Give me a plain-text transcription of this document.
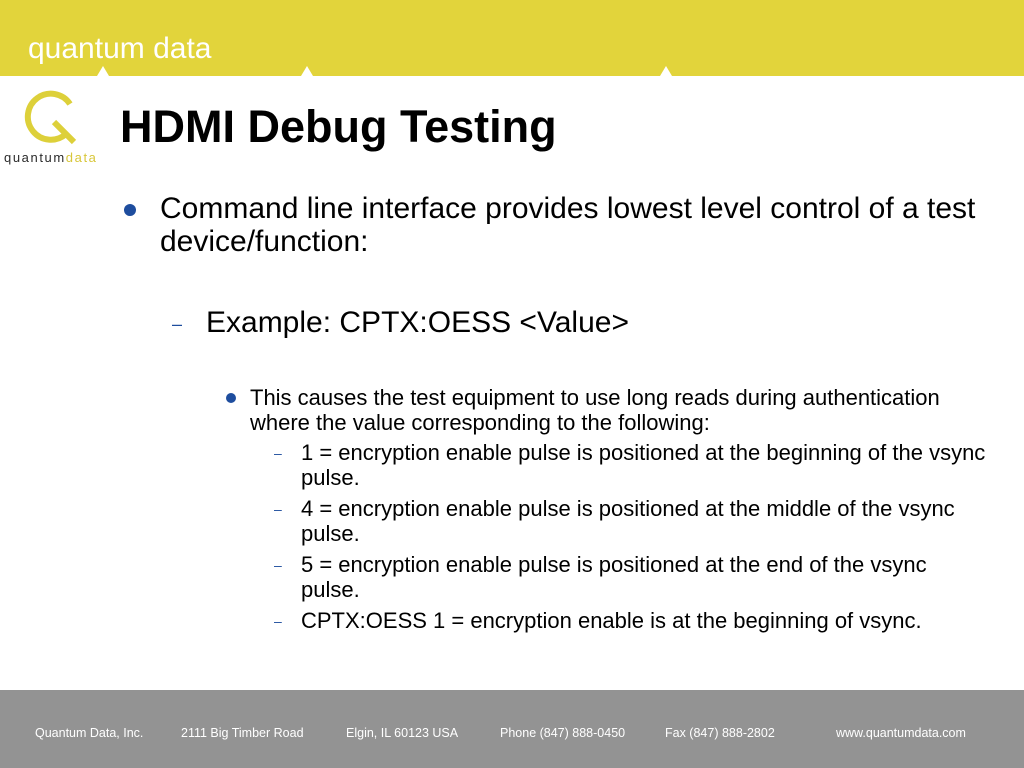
quantum data
quantumdata
HDMI Debug Testing
Command line interface provides lowest level control of a test device/function:
– Example: CPTX:OESS <Value>
This causes the test equipment to use long reads during authentication where the value corresponding to the following:
– 1 = encryption enable pulse is positioned at the beginning of the vsync pulse.
– 4 = encryption enable pulse is positioned at the middle of the vsync pulse.
– 5 = encryption enable pulse is positioned at the end of the vsync pulse.
– CPTX:OESS 1 = encryption enable is at the beginning of vsync.
Quantum Data, Inc.	2111 Big Timber Road	Elgin, IL 60123 USA	Phone (847) 888-0450	Fax (847) 888-2802	www.quantumdata.com
